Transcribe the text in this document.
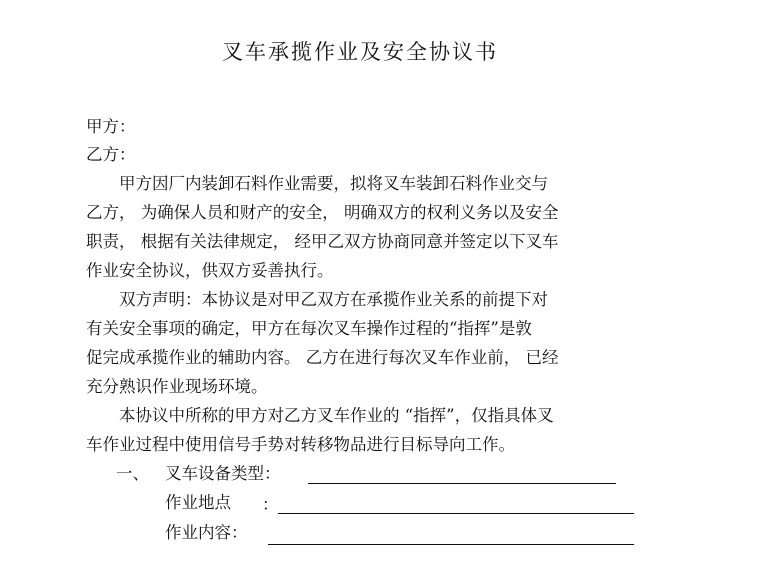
叉车承揽作业及安全协议书
甲方：
乙方：
　　甲方因厂内装卸石料作业需要，拟将叉车装卸石料作业交与
乙方， 为确保人员和财产的安全， 明确双方的权利义务以及安全
职责， 根据有关法律规定， 经甲乙双方协商同意并签定以下叉车
作业安全协议，供双方妥善执行。
　　双方声明：本协议是对甲乙双方在承揽作业关系的前提下对
有关安全事项的确定，甲方在每次叉车操作过程的“指挥”是敦
促完成承揽作业的辅助内容。 乙方在进行每次叉车作业前， 已经
充分熟识作业现场环境。
　　本协议中所称的甲方对乙方叉车作业的 “指挥”，仅指具体叉
车作业过程中使用信号手势对转移物品进行目标导向工作。
一、 叉车设备类型：
作业地点 ：
作业内容：
